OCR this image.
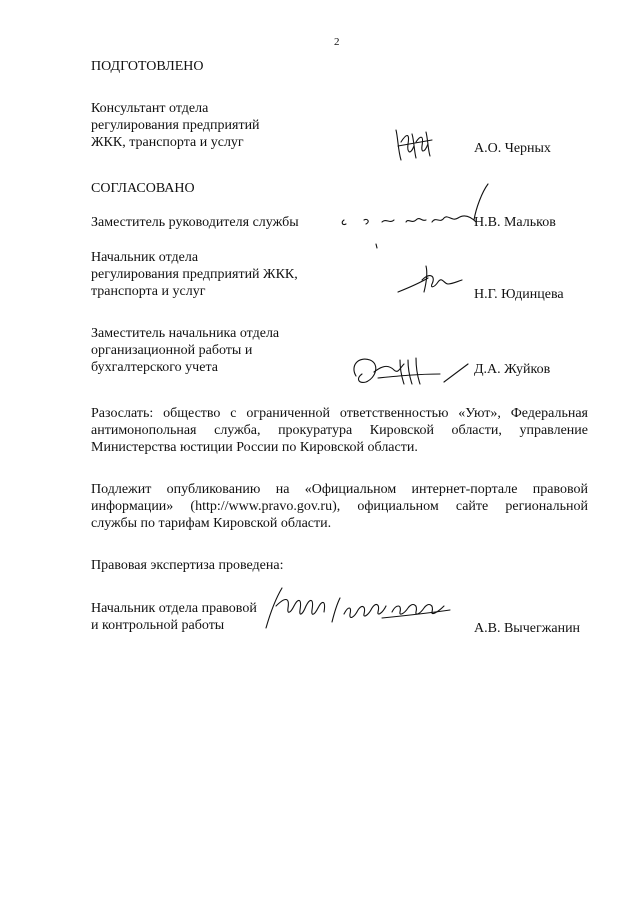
2
ПОДГОТОВЛЕНО
Консультант отдела
регулирования предприятий
ЖКК, транспорта и услуг	А.О. Черных
СОГЛАСОВАНО
Заместитель руководителя службы	Н.В. Мальков
Начальник отдела
регулирования предприятий ЖКК,
транспорта и услуг	Н.Г. Юдинцева
Заместитель начальника отдела
организационной работы и
бухгалтерского учета	Д.А. Жуйков
Разослать: общество с ограниченной ответственностью «Уют», Федеральная
антимонопольная служба, прокуратура Кировской области, управление
Министерства юстиции России по Кировской области.
Подлежит опубликованию на «Официальном интернет-портале правовой
информации» (http://www.pravo.gov.ru), официальном сайте региональной
службы по тарифам Кировской области.
Правовая экспертиза проведена:
Начальник отдела правовой
и контрольной работы	А.В. Вычегжанин
